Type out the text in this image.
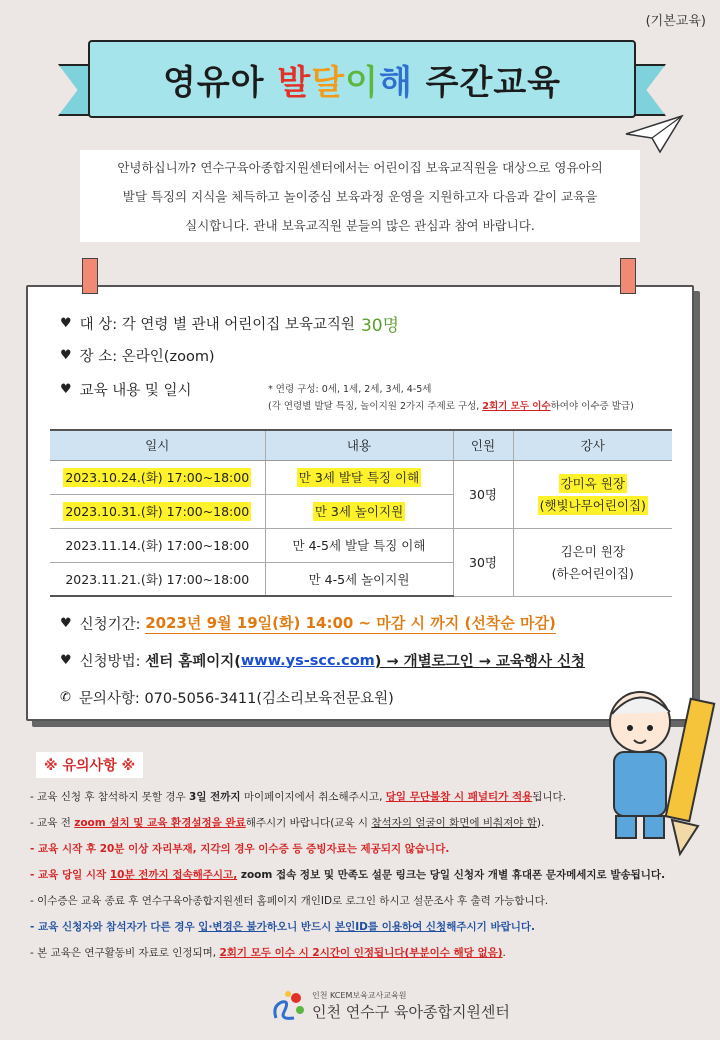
(기본교육)
영유아 발달이해 주간교육
안녕하십니까? 연수구육아종합지원센터에서는 어린이집 보육교직원을 대상으로 영유아의
발달 특징의 지식을 체득하고 놀이중심 보육과정 운영을 지원하고자 다음과 같이 교육을
실시합니다. 관내 보육교직원 분들의 많은 관심과 참여 바랍니다.
♥ 대 상:
각 연령 별 관내 어린이집 보육교직원 30명
♥ 장 소:
온라인(zoom)
♥ 교육 내용 및 일시	* 연령 구성: 0세, 1세, 2세, 3세, 4-5세
(각 연령별 발달 특징, 놀이지원 2가지 주제로 구성, 2회기 모두 이수하여야 이수증 발급)
일시	내용	인원	강사
2023.10.24.(화) 17:00~18:00	만 3세 발달 특징 이해	30명	강미옥 원장
(햇빛나무어린이집)

2023.10.31.(화) 17:00~18:00	만 3세 놀이지원		
2023.11.14.(화) 17:00~18:00	만 4-5세 발달 특징 이해	30명	김은미 원장
(하은어린이집)

2023.11.21.(화) 17:00~18:00	만 4-5세 놀이지원		
♥ 신청기간:
2023년 9월 19일(화) 14:00 ~ 마감 시 까지 (선착순 마감)
♥ 신청방법:
센터 홈페이지( www.ys-scc.com ) → 개별로그인 → 교육행사 신청
✆ 문의사항:
070-5056-3411(김소리보육전문요원)
※ 유의사항 ※
- 교육 신청 후 참석하지 못할 경우 3일 전까지 마이페이지에서 취소해주시고, 당일 무단불참 시 패널티가 적용됩니다.
- 교육 전 zoom 설치 및 교육 환경설정을 완료해주시기 바랍니다(교육 시 참석자의 얼굴이 화면에 비춰져야 함).
- 교육 시작 후 20분 이상 자리부재, 지각의 경우 이수증 등 증빙자료는 제공되지 않습니다.
- 교육 당일 시작 10분 전까지 접속해주시고, zoom 접속 정보 및 만족도 설문 링크는 당일 신청자 개별 휴대폰 문자메세지로 발송됩니다.
- 이수증은 교육 종료 후 연수구육아종합지원센터 홈페이지 개인ID로 로그인 하시고 설문조사 후 출력 가능합니다.
- 교육 신청자와 참석자가 다른 경우 입·변경은 불가하오니 반드시 본인ID를 이용하여 신청해주시기 바랍니다.
- 본 교육은 연구활동비 자료로 인정되며, 2회기 모두 이수 시 2시간이 인정됩니다(부분이수 해당 없음).
인천 KCEM보육교사교육원
인천 연수구 육아종합지원센터
